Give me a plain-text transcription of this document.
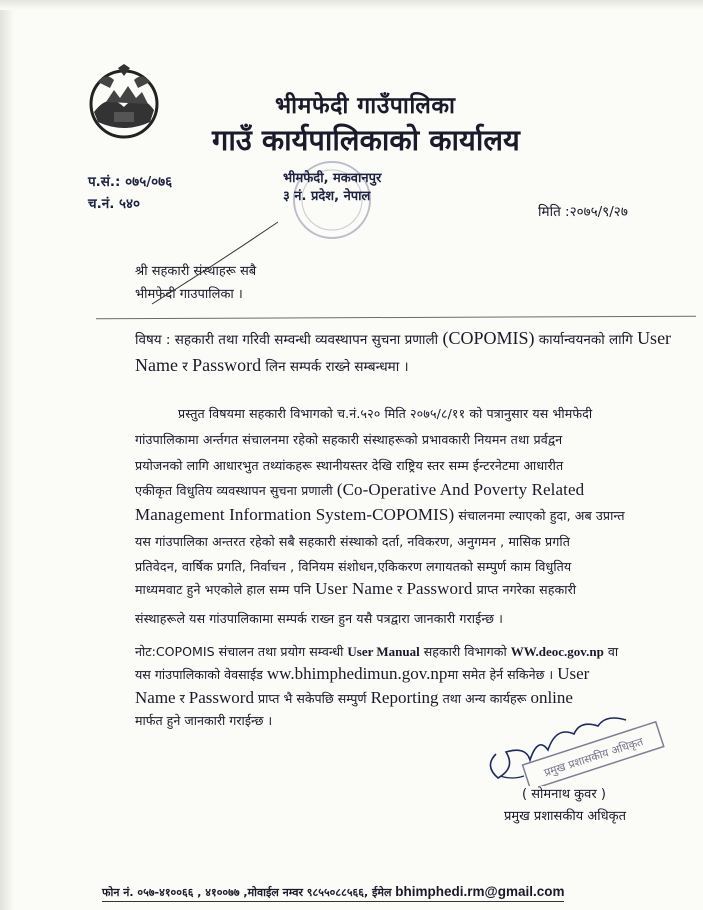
भीमफेदी गाउँपालिका
गाउँ कार्यपालिकाको कार्यालय
प.सं.: ०७५/०७६
च.नं. ५४०
भीमफेदी, मकवानपुर
३ नं. प्रदेश, नेपाल
मिति :२०७५/९/२७
श्री सहकारी संस्थाहरू सबै
भीमफेदी गाउपालिका ।
विषय : सहकारी तथा गरिवी सम्वन्धी व्यवस्थापन सुचना प्रणाली (COPOMIS) कार्यान्वयनको लागि User Name र Password लिन सम्पर्क राख्ने सम्बन्धमा ।
प्रस्तुत विषयमा सहकारी विभागको च.नं.५२० मिति २०७५/८/११ को पत्रानुसार यस भीमफेदी
गांउपालिकामा अर्न्तगत संचालनमा रहेको सहकारी संस्थाहरूको प्रभावकारी नियमन तथा प्रर्वद्वन
प्रयोजनको लागि आधारभुत तथ्यांकहरू स्थानीयस्तर देखि राष्ट्रिय स्तर सम्म ईन्टरनेटमा आधारीत
एकीकृत विधुतिय व्यवस्थापन सुचना प्रणाली (Co-Operative And Poverty Related
Management Information System-COPOMIS) संचालनमा ल्याएको हुदा, अब उप्रान्त
यस गांउपालिका अन्तरत रहेको सबै सहकारी संस्थाको दर्ता, नविकरण, अनुगमन , मासिक प्रगति
प्रतिवेदन, वार्षिक प्रगति, निर्वाचन , विनियम संशोधन,एकिकरण लगायतको सम्पुर्ण काम विधुतिय
माध्यमवाट हुने भएकोले हाल सम्म पनि User Name र Password प्राप्त नगरेका सहकारी
संस्थाहरूले यस गांउपालिकामा सम्पर्क राख्न हुन यसै पत्रद्वारा जानकारी गराईन्छ ।
नोट:COPOMIS संचालन तथा प्रयोग सम्वन्धी User Manual सहकारी विभागको WW.deoc.gov.np वा
यस गांउपालिकाको वेवसाईड ww.bhimphedimun.gov.npमा समेत हेर्न सकिनेछ । User
Name र Password प्राप्त भै सकेपछि सम्पुर्ण Reporting तथा अन्य कार्यहरू online
मार्फत हुने जानकारी गराईन्छ ।
प्रमुख प्रशासकीय अधिकृत
( सोमनाथ कुवर )
प्रमुख प्रशासकीय अधिकृत
फोन नं. ०५७-४१००६६ , ४१००७७ ,मोवाईल नम्वर ९८५५०८८५६६, ईमेल bhimphedi.rm@gmail.com
